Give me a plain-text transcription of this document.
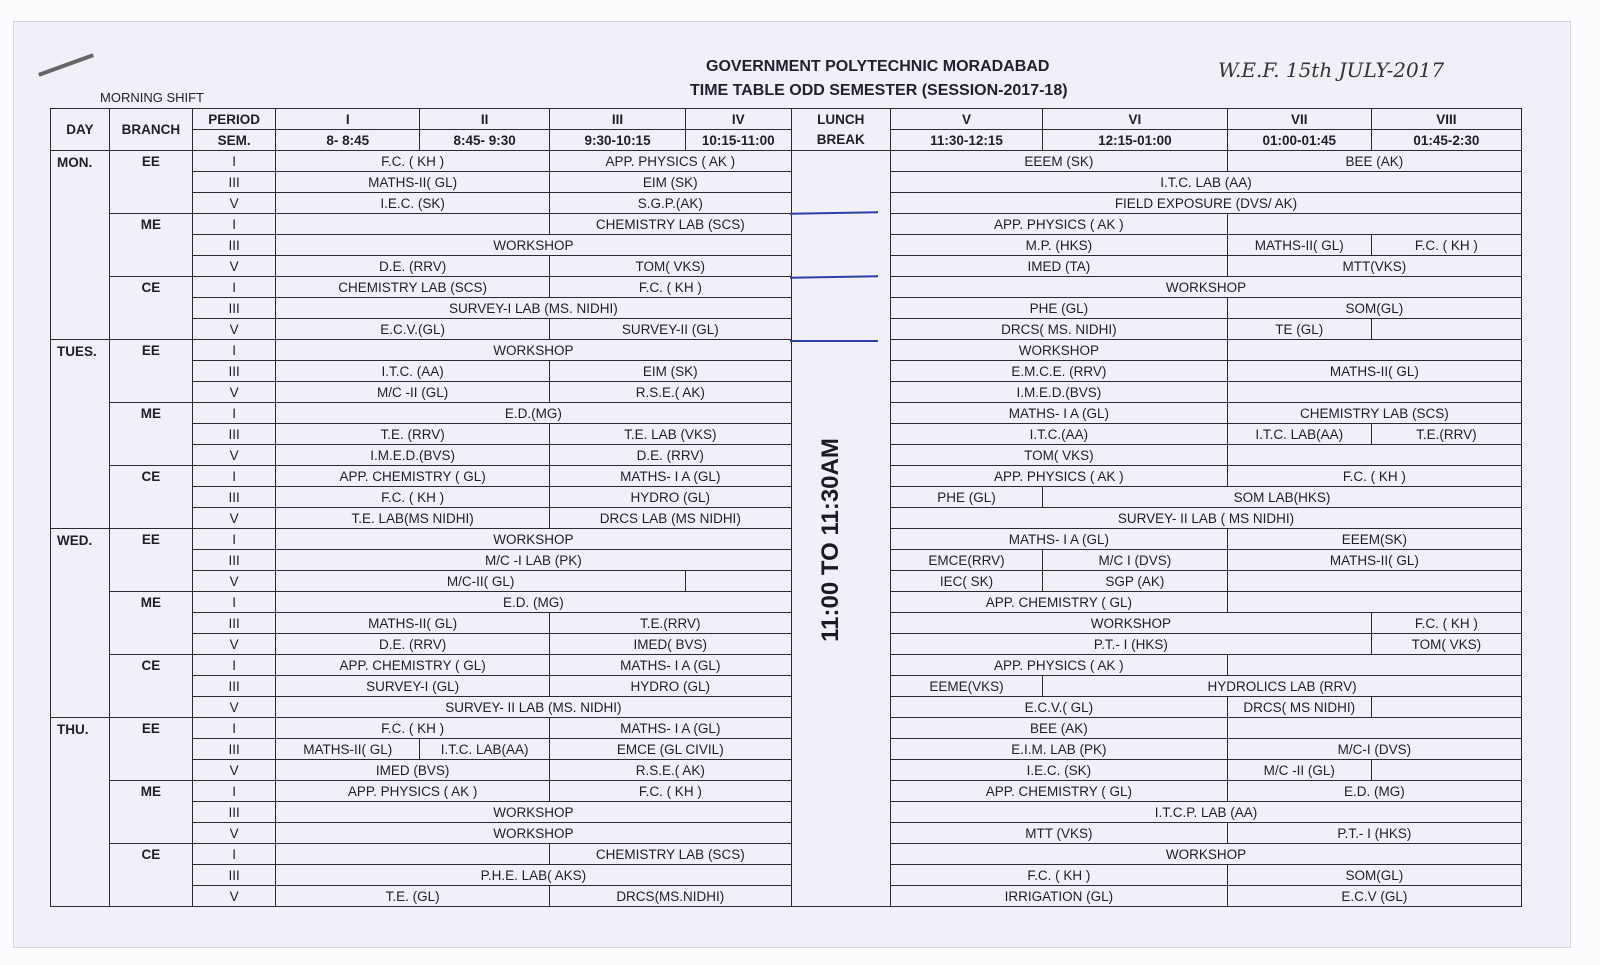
GOVERNMENT POLYTECHNIC MORADABAD
TIME TABLE ODD SEMESTER (SESSION-2017-18)
W.E.F. 15th JULY-2017
MORNING SHIFT
DAY	BRANCH	PERIOD	I	II	III	IV	LUNCH	V	VI	VII	VIII
		SEM.	8- 8:45	8:45- 9:30	9:30-10:15	10:15-11:00	BREAK	11:30-12:15	12:15-01:00	01:00-01:45	01:45-2:30
MON.	EE	I	F.C. ( KH )		APP. PHYSICS ( AK )			EEEM (SK)		BEE (AK)	
		III	MATHS-II( GL)		EIM (SK)			I.T.C. LAB (AA)			
		V	I.E.C. (SK)		S.G.P.(AK)			FIELD EXPOSURE (DVS/ AK)			
	ME	I			CHEMISTRY LAB (SCS)			APP. PHYSICS ( AK )			
		III	WORKSHOP					M.P. (HKS)		MATHS-II( GL)	F.C. ( KH )
		V	D.E. (RRV)		TOM( VKS)			IMED (TA)		MTT(VKS)	
	CE	I	CHEMISTRY LAB (SCS)		F.C. ( KH )			WORKSHOP			
		III	SURVEY-I LAB (MS. NIDHI)					PHE (GL)		SOM(GL)	
		V	E.C.V.(GL)		SURVEY-II (GL)			DRCS( MS. NIDHI)		TE (GL)	
TUES.	EE	I	WORKSHOP					WORKSHOP			
		III	I.T.C. (AA)		EIM (SK)			E.M.C.E. (RRV)		MATHS-II( GL)	
		V	M/C -II (GL)		R.S.E.( AK)			I.M.E.D.(BVS)			
	ME	I	E.D.(MG)					MATHS- I A (GL)		CHEMISTRY LAB (SCS)	
		III	T.E. (RRV)		T.E. LAB (VKS)			I.T.C.(AA)		I.T.C. LAB(AA)	T.E.(RRV)
		V	I.M.E.D.(BVS)		D.E. (RRV)			TOM( VKS)			
	CE	I	APP. CHEMISTRY ( GL)		MATHS- I A (GL)			APP. PHYSICS ( AK )		F.C. ( KH )	
		III	F.C. ( KH )		HYDRO (GL)			PHE (GL)	SOM LAB(HKS)		
		V	T.E. LAB(MS NIDHI)		DRCS LAB (MS NIDHI)			SURVEY- II LAB ( MS NIDHI)			
WED.	EE	I	WORKSHOP					MATHS- I A (GL)		EEEM(SK)	
		III	M/C -I LAB (PK)					EMCE(RRV)	M/C I (DVS)	MATHS-II( GL)	
		V	M/C-II( GL)					IEC( SK)	SGP (AK)		
	ME	I	E.D. (MG)					APP. CHEMISTRY ( GL)			
		III	MATHS-II( GL)		T.E.(RRV)			WORKSHOP			F.C. ( KH )
		V	D.E. (RRV)		IMED( BVS)			P.T.- I (HKS)			TOM( VKS)
	CE	I	APP. CHEMISTRY ( GL)		MATHS- I A (GL)			APP. PHYSICS ( AK )			
		III	SURVEY-I (GL)		HYDRO (GL)			EEME(VKS)	HYDROLICS LAB (RRV)		
		V	SURVEY- II LAB (MS. NIDHI)					E.C.V.( GL)		DRCS( MS NIDHI)	
THU.	EE	I	F.C. ( KH )		MATHS- I A (GL)			BEE (AK)			
		III	MATHS-II( GL)	I.T.C. LAB(AA)	EMCE (GL CIVIL)			E.I.M. LAB (PK)		M/C-I (DVS)	
		V	IMED (BVS)		R.S.E.( AK)			I.E.C. (SK)		M/C -II (GL)	
	ME	I	APP. PHYSICS ( AK )		F.C. ( KH )			APP. CHEMISTRY ( GL)		E.D. (MG)	
		III	WORKSHOP					I.T.C.P. LAB (AA)			
		V	WORKSHOP					MTT (VKS)		P.T.- I (HKS)	
	CE	I			CHEMISTRY LAB (SCS)			WORKSHOP			
		III	P.H.E. LAB( AKS)					F.C. ( KH )		SOM(GL)	
		V	T.E. (GL)		DRCS(MS.NIDHI)			IRRIGATION (GL)		E.C.V (GL)	
11:00 TO 11:30AM
